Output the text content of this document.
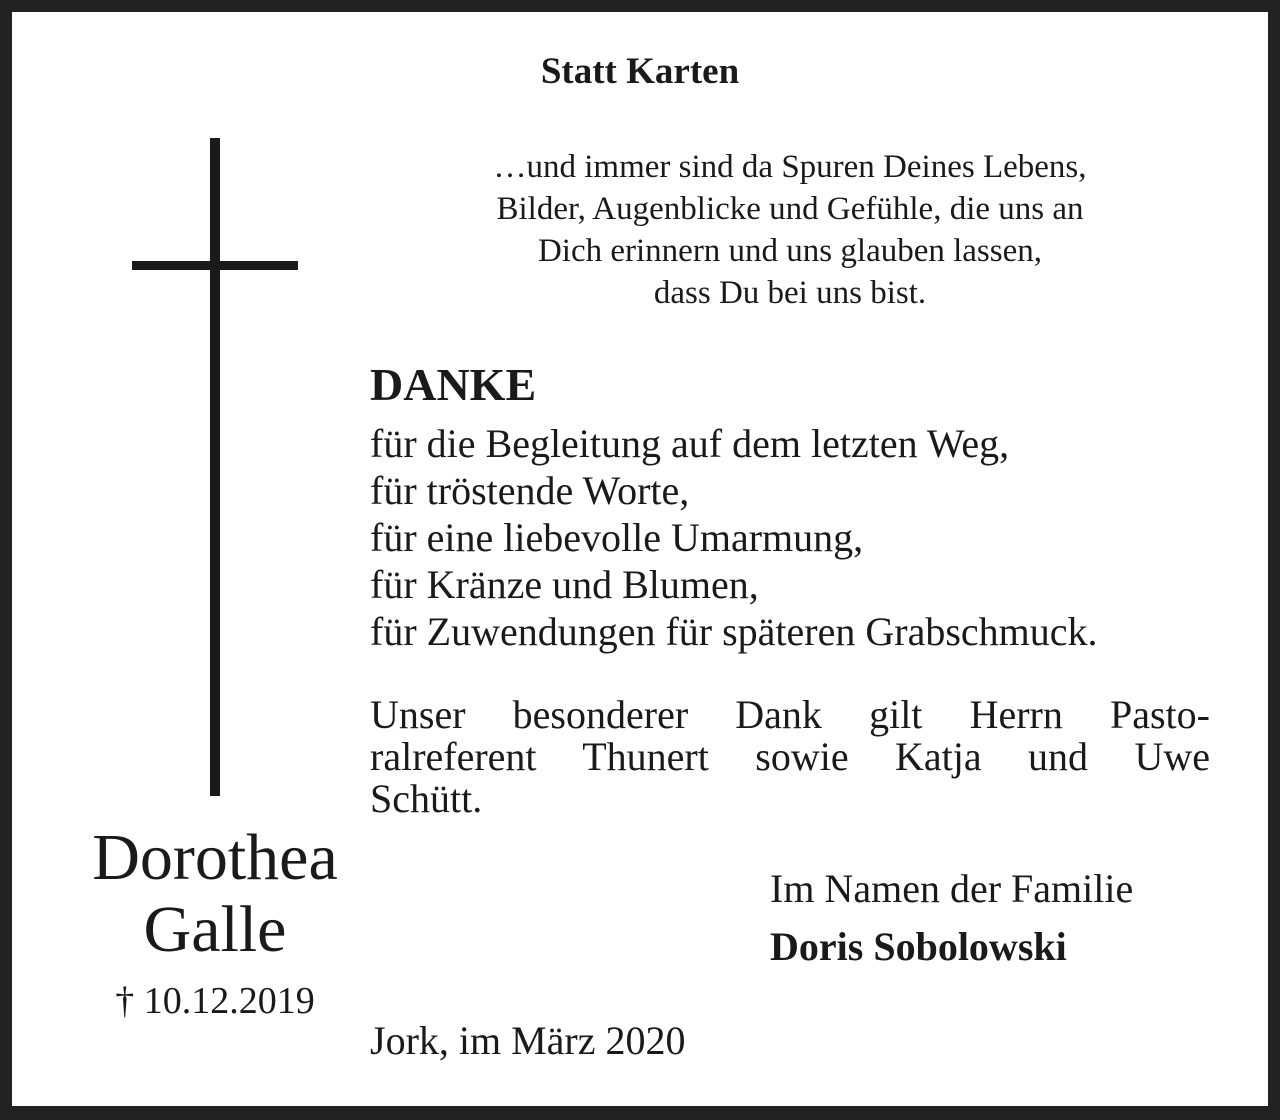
Statt Karten
…und immer sind da Spuren Deines Lebens,
Bilder, Augenblicke und Gefühle, die uns an
Dich erinnern und uns glauben lassen,
dass Du bei uns bist.
DANKE
für die Begleitung auf dem letzten Weg,
für tröstende Worte,
für eine liebevolle Umarmung,
für Kränze und Blumen,
für Zuwendungen für späteren Grabschmuck.
Unser besonderer Dank gilt Herrn Pasto-
ralreferent Thunert sowie Katja und Uwe
Schütt.
Dorothea
Galle
† 10.12.2019
Im Namen der Familie
Doris Sobolowski
Jork, im März 2020
